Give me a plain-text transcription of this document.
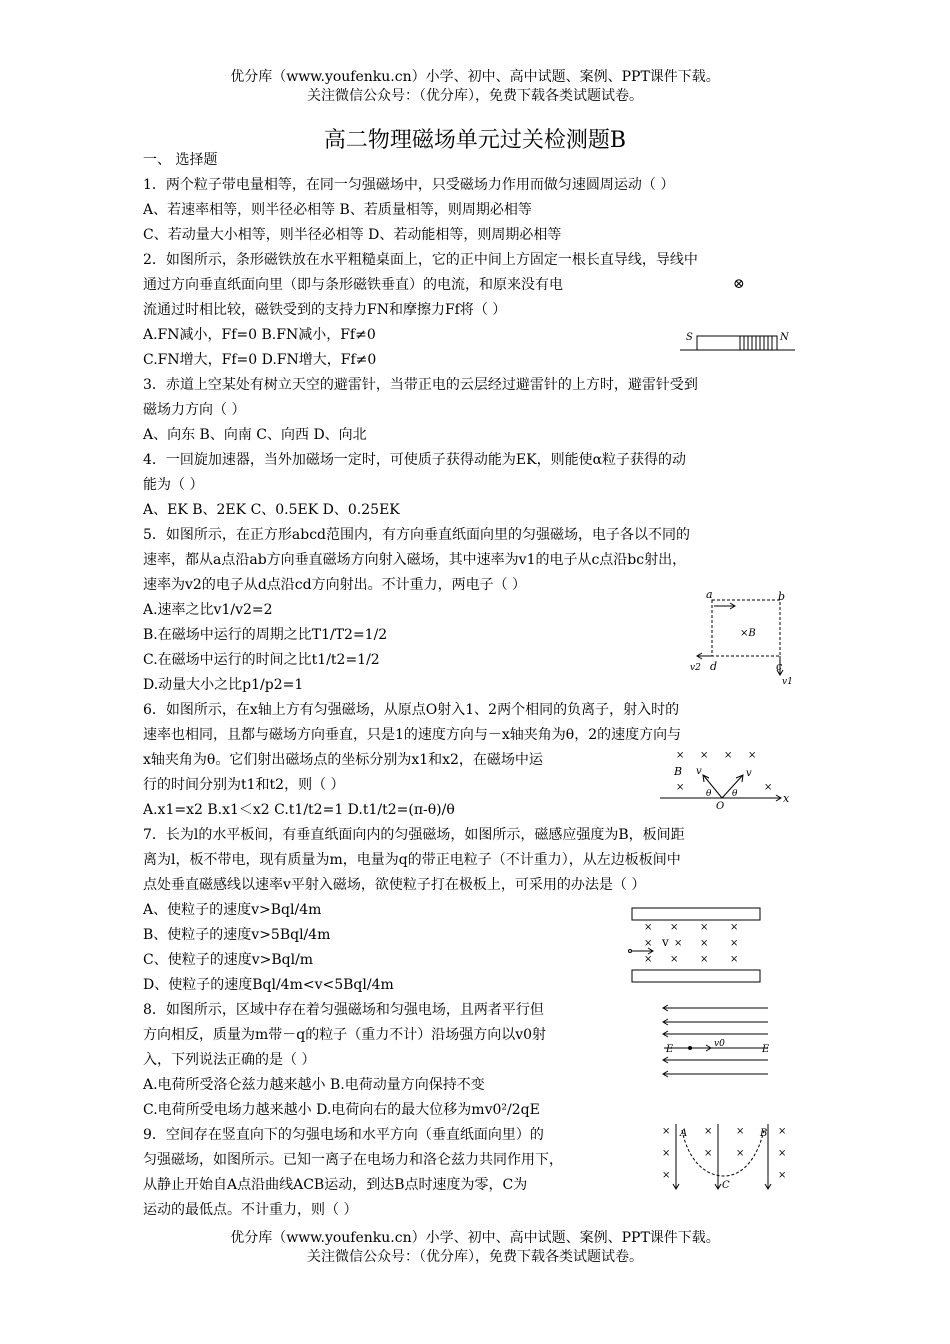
优分库（www.youfenku.cn）小学、初中、高中试题、案例、PPT课件下载。
关注微信公众号：（优分库），免费下载各类试题试卷。
高二物理磁场单元过关检测题B
一、 选择题
1．两个粒子带电量相等，在同一匀强磁场中，只受磁场力作用而做匀速圆周运动（ ）
A、若速率相等，则半径必相等 B、若质量相等，则周期必相等
C、若动量大小相等，则半径必相等 D、若动能相等，则周期必相等
2．如图所示，条形磁铁放在水平粗糙桌面上，它的正中间上方固定一根长直导线，导线中
通过方向垂直纸面向里（即与条形磁铁垂直）的电流，和原来没有电
流通过时相比较，磁铁受到的支持力FN和摩擦力Ff将（ ）
A.FN减小，Ff=0 B.FN减小，Ff≠0
C.FN增大，Ff=0 D.FN增大，Ff≠0
3．赤道上空某处有树立天空的避雷针，当带正电的云层经过避雷针的上方时，避雷针受到
磁场力方向（ ）
A、向东 B、向南 C、向西 D、向北
4．一回旋加速器，当外加磁场一定时，可使质子获得动能为EK，则能使α粒子获得的动
能为（ ）
A、EK B、2EK C、0.5EK D、0.25EK
5．如图所示，在正方形abcd范围内，有方向垂直纸面向里的匀强磁场，电子各以不同的
速率，都从a点沿ab方向垂直磁场方向射入磁场，其中速率为v1的电子从c点沿bc射出，
速率为v2的电子从d点沿cd方向射出。不计重力，两电子（ ）
A.速率之比v1/v2=2
B.在磁场中运行的周期之比T1/T2=1/2
C.在磁场中运行的时间之比t1/t2=1/2
D.动量大小之比p1/p2=1
6．如图所示，在x轴上方有匀强磁场，从原点O射入1、2两个相同的负离子，射入时的
速率也相同，且都与磁场方向垂直，只是1的速度方向与－x轴夹角为θ，2的速度方向与
x轴夹角为θ。它们射出磁场点的坐标分别为x1和x2，在磁场中运
行的时间分别为t1和t2，则（ ）
A.x1=x2 B.x1＜x2 C.t1/t2=1 D.t1/t2=(π-θ)/θ
7．长为l的水平板间，有垂直纸面向内的匀强磁场，如图所示，磁感应强度为B，板间距
离为l，板不带电，现有质量为m，电量为q的带正电粒子（不计重力），从左边板板间中
点处垂直磁感线以速率v平射入磁场，欲使粒子打在极板上，可采用的办法是（ ）
A、使粒子的速度v>Bql/4m
B、使粒子的速度v>5Bql/4m
C、使粒子的速度v>Bql/m
D、使粒子的速度Bql/4m<v<5Bql/4m
8．如图所示，区域中存在着匀强磁场和匀强电场，且两者平行但
方向相反，质量为m带－q的粒子（重力不计）沿场强方向以v0射
入，下列说法正确的是（ ）
A.电荷所受洛仑兹力越来越小 B.电荷动量方向保持不变
C.电荷所受电场力越来越小 D.电荷向右的最大位移为mv0²/2qE
9．空间存在竖直向下的匀强电场和水平方向（垂直纸面向里）的
匀强磁场，如图所示。已知一离子在电场力和洛仑兹力共同作用下，
从静止开始自A点沿曲线ACB运动，到达B点时速度为零，C为
运动的最低点。不计重力，则（ ）
⊗
S	N
a	b
c
d
×B
v2
v1
× × × ×
×	×
B
x
O
v	v
θ θ
× × × ×
× × × ×
× × × ×
v
E	E
v0
×
×
×
×
×
×
×
×
×
×
A	B
C
优分库（www.youfenku.cn）小学、初中、高中试题、案例、PPT课件下载。
关注微信公众号：（优分库），免费下载各类试题试卷。
